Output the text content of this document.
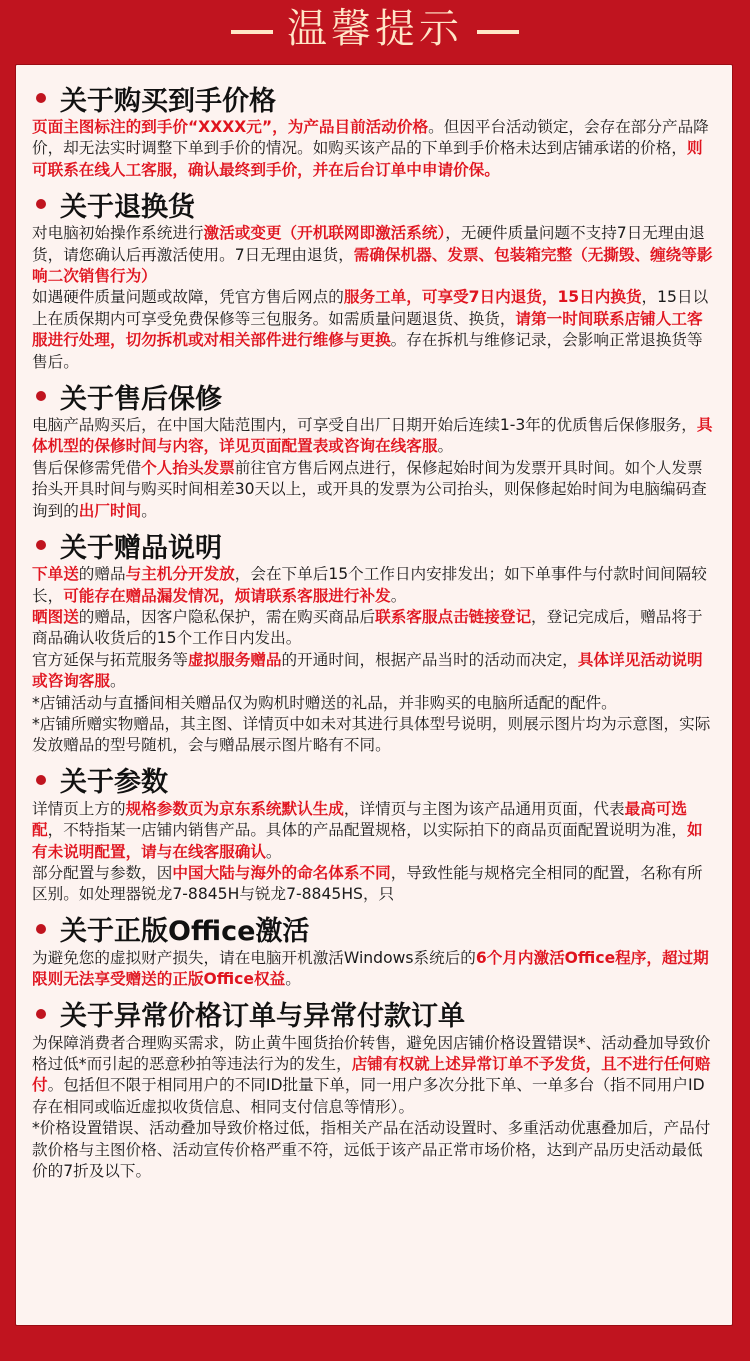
温馨提示
关于购买到手价格

页面主图标注的到手价“XXXX元”，为产品目前活动价格。但因平台活动锁定，会存在部分产品降价，却无法实时调整下单到手价的情况。如购买该产品的下单到手价格未达到店铺承诺的价格，则可联系在线人工客服，确认最终到手价，并在后台订单中申请价保。

关于退换货

对电脑初始操作系统进行激活或变更（开机联网即激活系统），无硬件质量问题不支持7日无理由退货，请您确认后再激活使用。7日无理由退货，需确保机器、发票、包装箱完整（无撕毁、缠绕等影响二次销售行为）

如遇硬件质量问题或故障，凭官方售后网点的服务工单，可享受7日内退货，15日内换货，15日以上在质保期内可享受免费保修等三包服务。如需质量问题退货、换货，请第一时间联系店铺人工客服进行处理，切勿拆机或对相关部件进行维修与更换。存在拆机与维修记录，会影响正常退换货等售后。

关于售后保修

电脑产品购买后，在中国大陆范围内，可享受自出厂日期开始后连续1-3年的优质售后保修服务，具体机型的保修时间与内容，详见页面配置表或咨询在线客服。

售后保修需凭借个人抬头发票前往官方售后网点进行，保修起始时间为发票开具时间。如个人发票抬头开具时间与购买时间相差30天以上，或开具的发票为公司抬头，则保修起始时间为电脑编码查询到的出厂时间。

关于赠品说明

下单送的赠品与主机分开发放，会在下单后15个工作日内安排发出；如下单事件与付款时间间隔较长，可能存在赠品漏发情况，烦请联系客服进行补发。

晒图送的赠品，因客户隐私保护，需在购买商品后联系客服点击链接登记，登记完成后，赠品将于商品确认收货后的15个工作日内发出。

官方延保与拓荒服务等虚拟服务赠品的开通时间，根据产品当时的活动而决定，具体详见活动说明或咨询客服。

*店铺活动与直播间相关赠品仅为购机时赠送的礼品，并非购买的电脑所适配的配件。

*店铺所赠实物赠品，其主图、详情页中如未对其进行具体型号说明，则展示图片均为示意图，实际发放赠品的型号随机，会与赠品展示图片略有不同。

关于参数

详情页上方的规格参数页为京东系统默认生成，详情页与主图为该产品通用页面，代表最高可选配，不特指某一店铺内销售产品。具体的产品配置规格，以实际拍下的商品页面配置说明为准，如有未说明配置，请与在线客服确认。

部分配置与参数，因中国大陆与海外的命名体系不同，导致性能与规格完全相同的配置，名称有所区别。如处理器锐龙7-8845H与锐龙7-8845HS，只

关于正版Office激活

为避免您的虚拟财产损失，请在电脑开机激活Windows系统后的6个月内激活Office程序，超过期限则无法享受赠送的正版Office权益。

关于异常价格订单与异常付款订单

为保障消费者合理购买需求，防止黄牛囤货抬价转售，避免因店铺价格设置错误*、活动叠加导致价格过低*而引起的恶意秒拍等违法行为的发生，店铺有权就上述异常订单不予发货，且不进行任何赔付。包括但不限于相同用户的不同ID批量下单，同一用户多次分批下单、一单多台（指不同用户ID存在相同或临近虚拟收货信息、相同支付信息等情形）。

*价格设置错误、活动叠加导致价格过低，指相关产品在活动设置时、多重活动优惠叠加后，产品付款价格与主图价格、活动宣传价格严重不符，远低于该产品正常市场价格，达到产品历史活动最低价的7折及以下。
